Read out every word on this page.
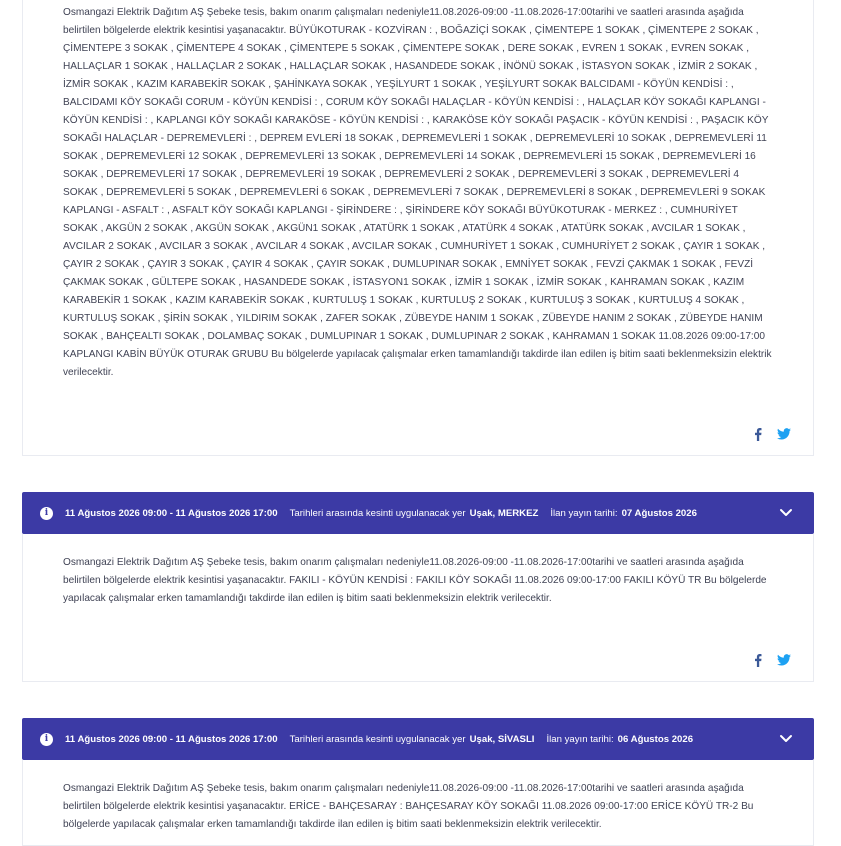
Osmangazi Elektrik Dağıtım AŞ Şebeke tesis, bakım onarım çalışmaları nedeniyle11.08.2026-09:00 -11.08.2026-17:00tarihi ve saatleri arasında aşağıda belirtilen bölgelerde elektrik kesintisi yaşanacaktır. BÜYÜKOTURAK - KOZVİRAN : , BOĞAZİÇİ SOKAK , ÇİMENTEPE 1 SOKAK , ÇİMENTEPE 2 SOKAK , ÇİMENTEPE 3 SOKAK , ÇİMENTEPE 4 SOKAK , ÇİMENTEPE 5 SOKAK , ÇİMENTEPE SOKAK , DERE SOKAK , EVREN 1 SOKAK , EVREN SOKAK , HALLAÇLAR 1 SOKAK , HALLAÇLAR 2 SOKAK , HALLAÇLAR SOKAK , HASANDEDE SOKAK , İNÖNÜ SOKAK , İSTASYON SOKAK , İZMİR 2 SOKAK , İZMİR SOKAK , KAZIM KARABEKİR SOKAK , ŞAHİNKAYA SOKAK , YEŞİLYURT 1 SOKAK , YEŞİLYURT SOKAK BALCIDAMI - KÖYÜN KENDİSİ : , BALCIDAMI KÖY SOKAĞI CORUM - KÖYÜN KENDİSİ : , CORUM KÖY SOKAĞI HALAÇLAR - KÖYÜN KENDİSİ : , HALAÇLAR KÖY SOKAĞI KAPLANGI - KÖYÜN KENDİSİ : , KAPLANGI KÖY SOKAĞI KARAKÖSE - KÖYÜN KENDİSİ : , KARAKÖSE KÖY SOKAĞI PAŞACIK - KÖYÜN KENDİSİ : , PAŞACIK KÖY SOKAĞI HALAÇLAR - DEPREMEVLERİ : , DEPREM EVLERİ 18 SOKAK , DEPREMEVLERİ 1 SOKAK , DEPREMEVLERİ 10 SOKAK , DEPREMEVLERİ 11 SOKAK , DEPREMEVLERİ 12 SOKAK , DEPREMEVLERİ 13 SOKAK , DEPREMEVLERİ 14 SOKAK , DEPREMEVLERİ 15 SOKAK , DEPREMEVLERİ 16 SOKAK , DEPREMEVLERİ 17 SOKAK , DEPREMEVLERİ 19 SOKAK , DEPREMEVLERİ 2 SOKAK , DEPREMEVLERİ 3 SOKAK , DEPREMEVLERİ 4 SOKAK , DEPREMEVLERİ 5 SOKAK , DEPREMEVLERİ 6 SOKAK , DEPREMEVLERİ 7 SOKAK , DEPREMEVLERİ 8 SOKAK , DEPREMEVLERİ 9 SOKAK KAPLANGI - ASFALT : , ASFALT KÖY SOKAĞI KAPLANGI - ŞİRİNDERE : , ŞİRİNDERE KÖY SOKAĞI BÜYÜKOTURAK - MERKEZ : , CUMHURİYET SOKAK , AKGÜN 2 SOKAK , AKGÜN SOKAK , AKGÜN1 SOKAK , ATATÜRK 1 SOKAK , ATATÜRK 4 SOKAK , ATATÜRK SOKAK , AVCILAR 1 SOKAK , AVCILAR 2 SOKAK , AVCILAR 3 SOKAK , AVCILAR 4 SOKAK , AVCILAR SOKAK , CUMHURİYET 1 SOKAK , CUMHURİYET 2 SOKAK , ÇAYIR 1 SOKAK , ÇAYIR 2 SOKAK , ÇAYIR 3 SOKAK , ÇAYIR 4 SOKAK , ÇAYIR SOKAK , DUMLUPINAR SOKAK , EMNİYET SOKAK , FEVZİ ÇAKMAK 1 SOKAK , FEVZİ ÇAKMAK SOKAK , GÜLTEPE SOKAK , HASANDEDE SOKAK , İSTASYON1 SOKAK , İZMİR 1 SOKAK , İZMİR SOKAK , KAHRAMAN SOKAK , KAZIM KARABEKİR 1 SOKAK , KAZIM KARABEKİR SOKAK , KURTULUŞ 1 SOKAK , KURTULUŞ 2 SOKAK , KURTULUŞ 3 SOKAK , KURTULUŞ 4 SOKAK , KURTULUŞ SOKAK , ŞİRİN SOKAK , YILDIRIM SOKAK , ZAFER SOKAK , ZÜBEYDE HANIM 1 SOKAK , ZÜBEYDE HANIM 2 SOKAK , ZÜBEYDE HANIM SOKAK , BAHÇEALTI SOKAK , DOLAMBAÇ SOKAK , DUMLUPINAR 1 SOKAK , DUMLUPINAR 2 SOKAK , KAHRAMAN 1 SOKAK 11.08.2026 09:00-17:00 KAPLANGI KABİN BÜYÜK OTURAK GRUBU Bu bölgelerde yapılacak çalışmalar erken tamamlandığı takdirde ilan edilen iş bitim saati beklenmeksizin elektrik verilecektir.
i	11 Ağustos 2026 09:00 - 11 Ağustos 2026 17:00 Tarihleri arasında kesinti uygulanacak yer Uşak, MERKEZ İlan yayın tarihi: 07 Ağustos 2026
Osmangazi Elektrik Dağıtım AŞ Şebeke tesis, bakım onarım çalışmaları nedeniyle11.08.2026-09:00 -11.08.2026-17:00tarihi ve saatleri arasında aşağıda belirtilen bölgelerde elektrik kesintisi yaşanacaktır. FAKILI - KÖYÜN KENDİSİ : FAKILI KÖY SOKAĞI 11.08.2026 09:00-17:00 FAKILI KÖYÜ TR Bu bölgelerde yapılacak çalışmalar erken tamamlandığı takdirde ilan edilen iş bitim saati beklenmeksizin elektrik verilecektir.
i	11 Ağustos 2026 09:00 - 11 Ağustos 2026 17:00 Tarihleri arasında kesinti uygulanacak yer Uşak, SİVASLI İlan yayın tarihi: 06 Ağustos 2026
Osmangazi Elektrik Dağıtım AŞ Şebeke tesis, bakım onarım çalışmaları nedeniyle11.08.2026-09:00 -11.08.2026-17:00tarihi ve saatleri arasında aşağıda belirtilen bölgelerde elektrik kesintisi yaşanacaktır. ERİCE - BAHÇESARAY : BAHÇESARAY KÖY SOKAĞI 11.08.2026 09:00-17:00 ERİCE KÖYÜ TR-2 Bu bölgelerde yapılacak çalışmalar erken tamamlandığı takdirde ilan edilen iş bitim saati beklenmeksizin elektrik verilecektir.
